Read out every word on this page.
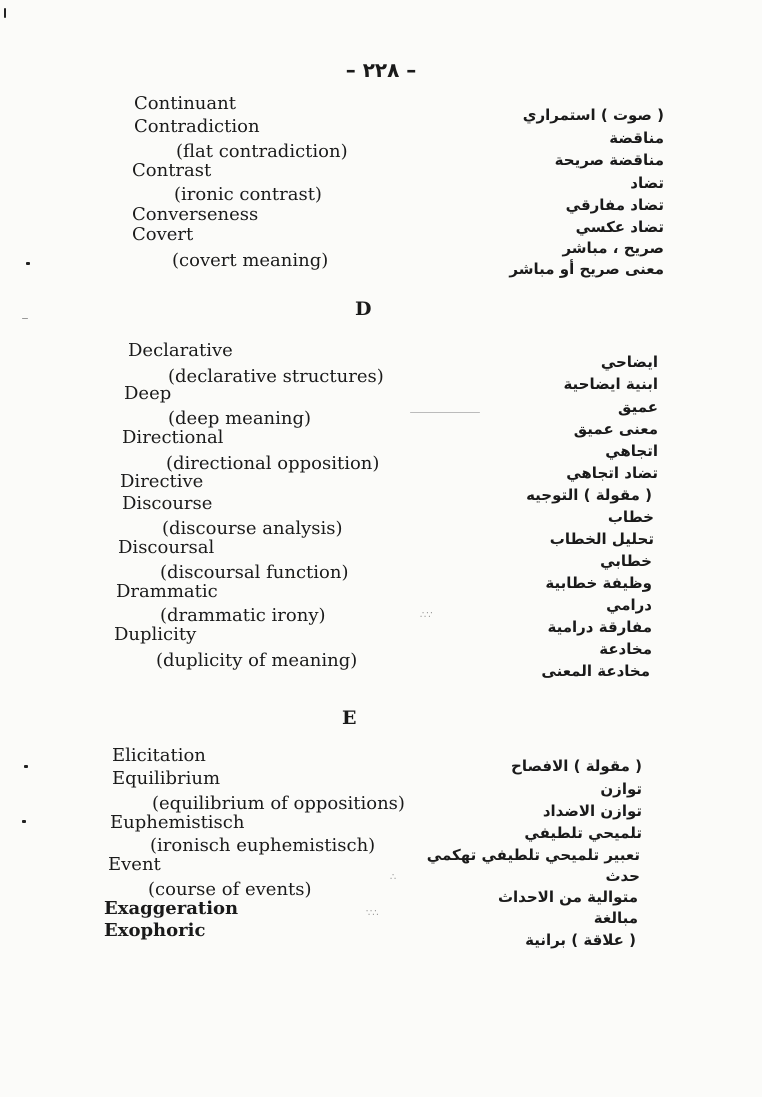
– ٢٢٨ –
Continuant
Contradiction
(flat contradiction)
Contrast
(ironic contrast)
Converseness
Covert
(covert meaning)
( صوت ) استمراري
مناقضة
مناقضة صريحة
تضاد
تضاد مفارقي
تضاد عكسي
صريح ، مباشر
معنى صريح أو مباشر
D
Declarative
(declarative structures)
Deep
(deep meaning)
Directional
(directional opposition)
Directive
Discourse
(discourse analysis)
Discoursal
(discoursal function)
Drammatic
(drammatic irony)
Duplicity
(duplicity of meaning)
ايضاحي
ابنية ايضاحية
عميق
معنى عميق
اتجاهي
تضاد اتجاهي
( مقولة ) التوجيه
خطاب
تحليل الخطاب
خطابي
وظيفة خطابية
درامي
مفارقة درامية
مخادعة
مخادعة المعنى
E
Elicitation
Equilibrium
(equilibrium of oppositions)
Euphemistisch
(ironisch euphemistisch)
Event
(course of events)
Exaggeration
Exophoric
( مقولة ) الافصاح
توازن
توازن الاضداد
تلميحي تلطيفي
تعبير تلميحي تلطيفي تهكمي
حدث
متوالية من الاحداث
مبالغة
( علاقة ) برانية
∴∵
∴
∵∴
